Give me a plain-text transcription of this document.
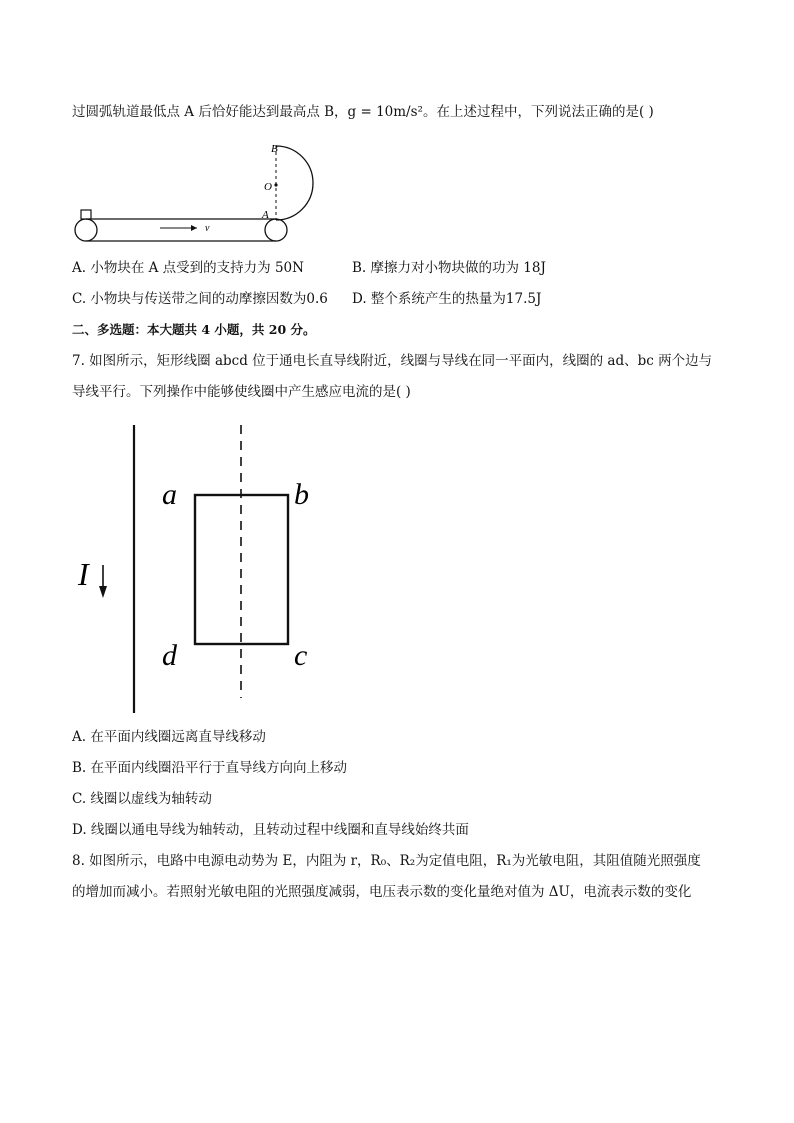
过圆弧轨道最低点 A 后恰好能达到最高点 B，g = 10m/s²。在上述过程中，下列说法正确的是( )
v
B
O
A
A. 小物块在 A 点受到的支持力为 50N	B. 摩擦力对小物块做的功为 18J
C. 小物块与传送带之间的动摩擦因数为0.6 D. 整个系统产生的热量为17.5J
二、多选题：本大题共 4 小题，共 20 分。
7. 如图所示，矩形线圈 abcd 位于通电长直导线附近，线圈与导线在同一平面内，线圈的 ad、bc 两个边与
导线平行。下列操作中能够使线圈中产生感应电流的是( )
I
a	b
d	c
A. 在平面内线圈远离直导线移动
B. 在平面内线圈沿平行于直导线方向向上移动
C. 线圈以虚线为轴转动
D. 线圈以通电导线为轴转动，且转动过程中线圈和直导线始终共面
8. 如图所示，电路中电源电动势为 E，内阻为 r，R₀、R₂为定值电阻，R₁为光敏电阻，其阻值随光照强度
的增加而减小。若照射光敏电阻的光照强度减弱，电压表示数的变化量绝对值为 ΔU，电流表示数的变化
